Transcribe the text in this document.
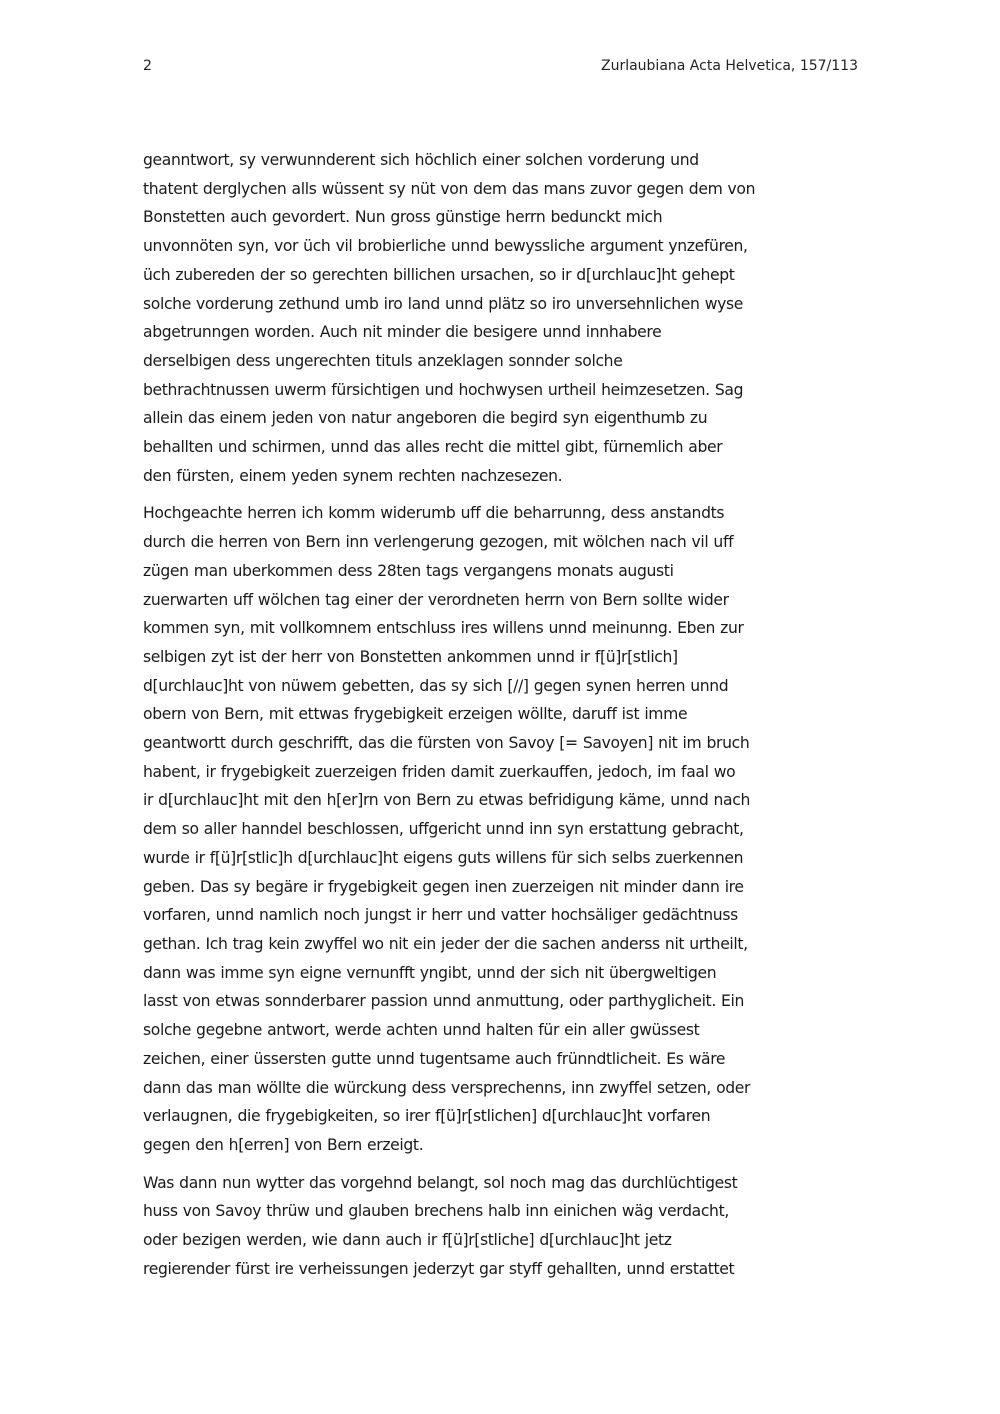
2	Zurlaubiana Acta Helvetica, 157/113

geanntwort, sy verwunnderent sich höchlich einer solchen vorderung und
thatent derglychen alls wüssent sy nüt von dem das mans zuvor gegen dem von
Bonstetten auch gevordert. Nun gross günstige herrn bedunckt mich
unvonnöten syn, vor üch vil brobierliche unnd bewyssliche argument ynzefüren,
üch zubereden der so gerechten billichen ursachen, so ir d[urchlauc]ht gehept
solche vorderung zethund umb iro land unnd plätz so iro unversehnlichen wyse
abgetrunngen worden. Auch nit minder die besigere unnd innhabere
derselbigen dess ungerechten tituls anzeklagen sonnder solche
bethrachtnussen uwerm fürsichtigen und hochwysen urtheil heimzesetzen. Sag
allein das einem jeden von natur angeboren die begird syn eigenthumb zu
behallten und schirmen, unnd das alles recht die mittel gibt, fürnemlich aber
den fürsten, einem yeden synem rechten nachzesezen.

Hochgeachte herren ich komm widerumb uff die beharrunng, dess anstandts
durch die herren von Bern inn verlengerung gezogen, mit wölchen nach vil uff
zügen man uberkommen dess 28ten tags vergangens monats augusti
zuerwarten uff wölchen tag einer der verordneten herrn von Bern sollte wider
kommen syn, mit vollkomnem entschluss ires willens unnd meinunng. Eben zur
selbigen zyt ist der herr von Bonstetten ankommen unnd ir f[ü]r[stlich]
d[urchlauc]ht von nüwem gebetten, das sy sich [//] gegen synen herren unnd
obern von Bern, mit ettwas frygebigkeit erzeigen wöllte, daruff ist imme
geantwortt durch geschrifft, das die fürsten von Savoy [= Savoyen] nit im bruch
habent, ir frygebigkeit zuerzeigen friden damit zuerkauffen, jedoch, im faal wo
ir d[urchlauc]ht mit den h[er]rn von Bern zu etwas befridigung käme, unnd nach
dem so aller hanndel beschlossen, uffgericht unnd inn syn erstattung gebracht,
wurde ir f[ü]r[stlic]h d[urchlauc]ht eigens guts willens für sich selbs zuerkennen
geben. Das sy begäre ir frygebigkeit gegen inen zuerzeigen nit minder dann ire
vorfaren, unnd namlich noch jungst ir herr und vatter hochsäliger gedächtnuss
gethan. Ich trag kein zwyffel wo nit ein jeder der die sachen anderss nit urtheilt,
dann was imme syn eigne vernunfft yngibt, unnd der sich nit übergweltigen
lasst von etwas sonnderbarer passion unnd anmuttung, oder parthyglicheit. Ein
solche gegebne antwort, werde achten unnd halten für ein aller gwüssest
zeichen, einer üssersten gutte unnd tugentsame auch frünndtlicheit. Es wäre
dann das man wöllte die würckung dess versprechenns, inn zwyffel setzen, oder
verlaugnen, die frygebigkeiten, so irer f[ü]r[stlichen] d[urchlauc]ht vorfaren
gegen den h[erren] von Bern erzeigt.

Was dann nun wytter das vorgehnd belangt, sol noch mag das durchlüchtigest
huss von Savoy thrüw und glauben brechens halb inn einichen wäg verdacht,
oder bezigen werden, wie dann auch ir f[ü]r[stliche] d[urchlauc]ht jetz
regierender fürst ire verheissungen jederzyt gar styff gehallten, unnd erstattet
